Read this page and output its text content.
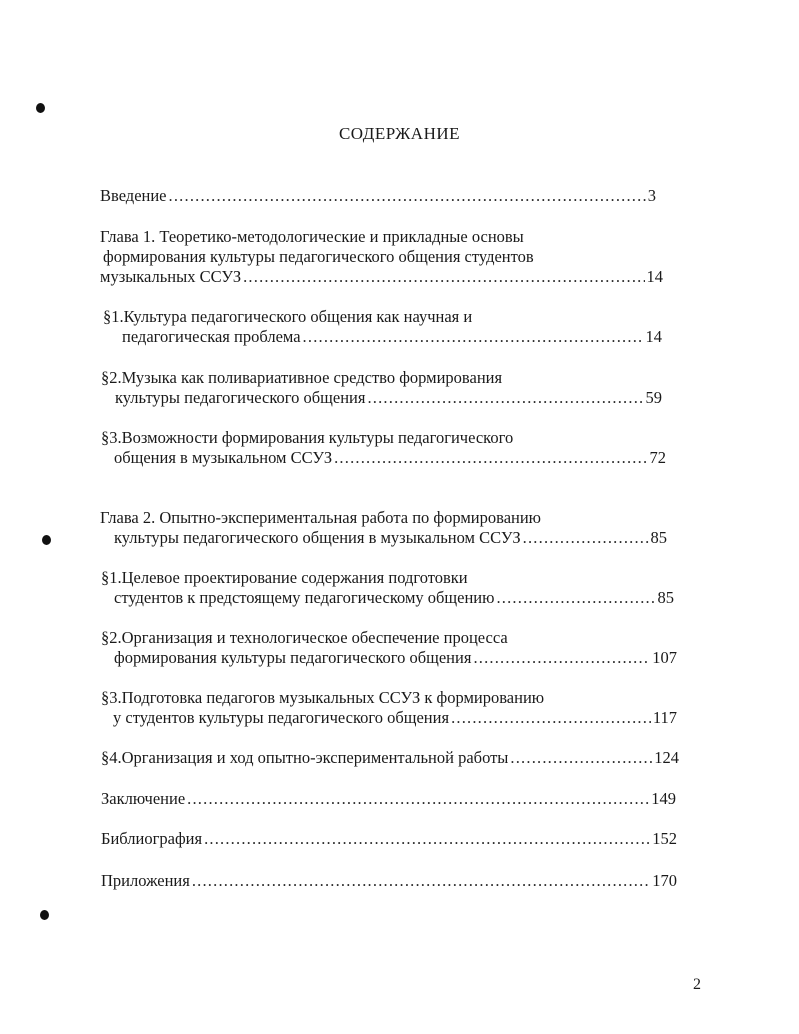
СОДЕРЖАНИЕ
Введение .....	3
Глава 1. Теоретико-методологические и прикладные основы
формирования культуры педагогического общения студентов
музыкальных ССУЗ .....	14
§1.Культура педагогического общения как научная и
педагогическая проблема .....	14
§2.Музыка как поливариативное средство формирования
культуры педагогического общения .....	59
§3.Возможности формирования культуры педагогического
общения в музыкальном ССУЗ .....	72
Глава 2. Опытно-экспериментальная работа по формированию
культуры педагогического общения в музыкальном ССУЗ .....	85
§1.Целевое проектирование содержания подготовки
студентов к предстоящему педагогическому общению .....	85
§2.Организация и технологическое обеспечение процесса
формирования культуры педагогического общения .....	107
§3.Подготовка педагогов музыкальных ССУЗ к формированию
у студентов культуры педагогического общения .....	117
§4.Организация и ход опытно-экспериментальной работы .....	124
Заключение .....	149
Библиография .....	152
Приложения .....	170
2
